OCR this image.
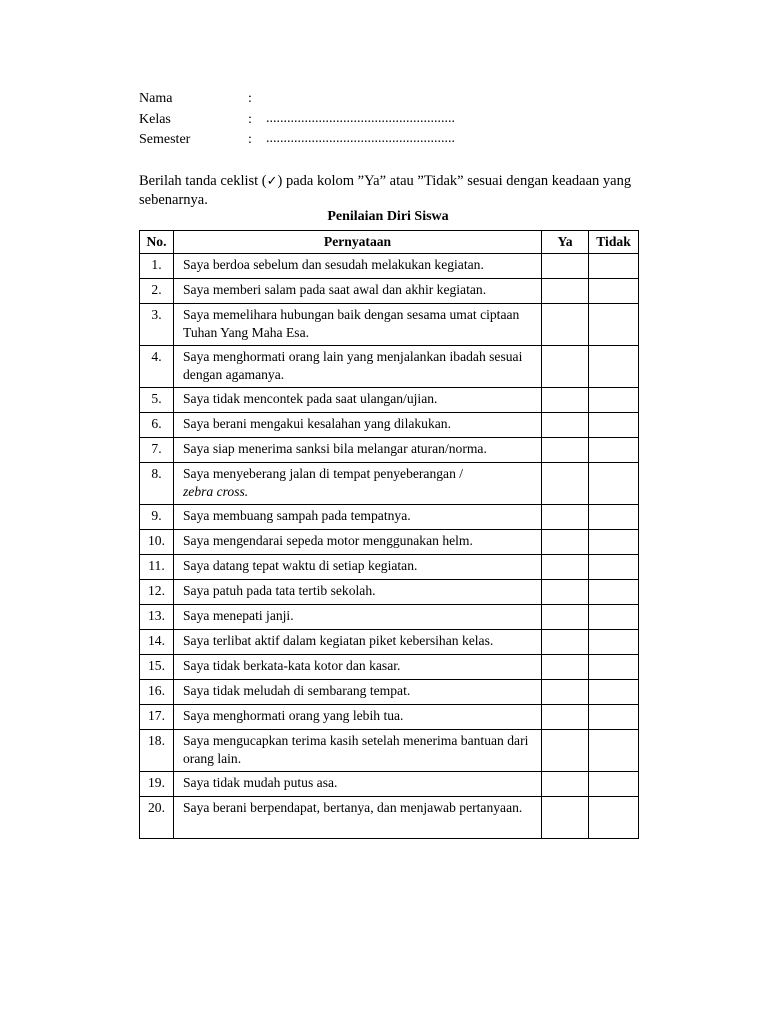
Nama	:
Kelas	: ......................................................
Semester	: ......................................................
Berilah tanda ceklist (✓) pada kolom ”Ya” atau ”Tidak” sesuai dengan keadaan yang sebenarnya.
Penilaian Diri Siswa
No.	Pernyataan	Ya	Tidak
1.	Saya berdoa sebelum dan sesudah melakukan kegiatan.		
2.	Saya memberi salam pada saat awal dan akhir kegiatan.		
3.	Saya memelihara hubungan baik dengan sesama umat ciptaan Tuhan Yang Maha Esa.		
4.	Saya menghormati orang lain yang menjalankan ibadah sesuai dengan agamanya.		
5.	Saya tidak mencontek pada saat ulangan/ujian.		
6.	Saya berani mengakui kesalahan yang dilakukan.		
7.	Saya siap menerima sanksi bila melangar aturan/norma.		
8.	Saya menyeberang jalan di tempat penyeberangan /
zebra cross.		
9.	Saya membuang sampah pada tempatnya.		
10.	Saya mengendarai sepeda motor menggunakan helm.		
11.	Saya datang tepat waktu di setiap kegiatan.		
12.	Saya patuh pada tata tertib sekolah.		
13.	Saya menepati janji.		
14.	Saya terlibat aktif dalam kegiatan piket kebersihan kelas.		
15.	Saya tidak berkata-kata kotor dan kasar.		
16.	Saya tidak meludah di sembarang tempat.		
17.	Saya menghormati orang yang lebih tua.		
18.	Saya mengucapkan terima kasih setelah menerima bantuan dari orang lain.		
19.	Saya tidak mudah putus asa.		
20.	Saya berani berpendapat, bertanya, dan menjawab pertanyaan.		
